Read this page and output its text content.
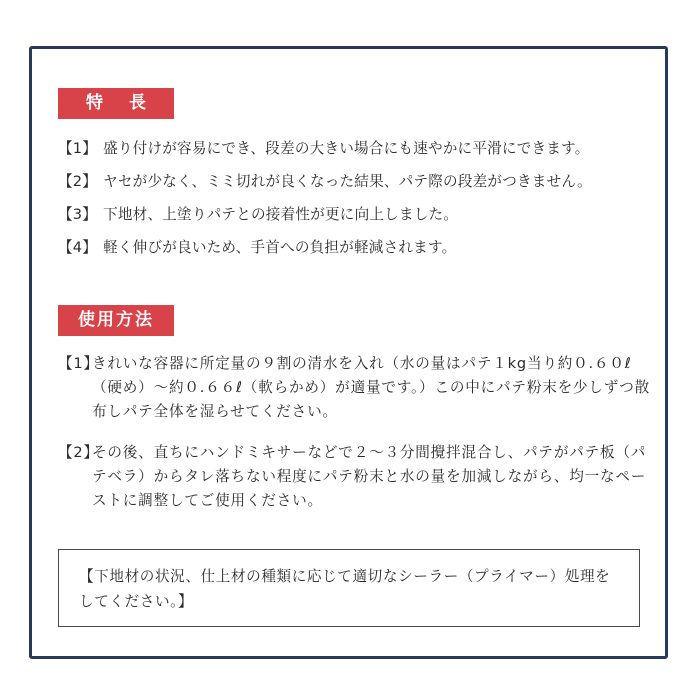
特長
【1】 盛り付けが容易にでき、段差の大きい場合にも速やかに平滑にできます。
【2】 ヤセが少なく、ミミ切れが良くなった結果、パテ際の段差がつきません。
【3】 下地材、上塗りパテとの接着性が更に向上しました。
【4】 軽く伸びが良いため、手首への負担が軽減されます。
使用方法
【1】
きれいな容器に所定量の９割の清水を入れ（水の量はパテ１kg当り約０.６０ℓ（硬め）～約０.６６ℓ（軟らかめ）が適量です。）この中にパテ粉末を少しずつ散布しパテ全体を湿らせてください。
【2】
その後、直ちにハンドミキサーなどで２～３分間攪拌混合し、パテがパテ板（パテベラ）からタレ落ちない程度にパテ粉末と水の量を加減しながら、均一なペーストに調整してご使用ください。
【下地材の状況、仕上材の種類に応じて適切なシーラー（プライマー）処理をしてください。】
